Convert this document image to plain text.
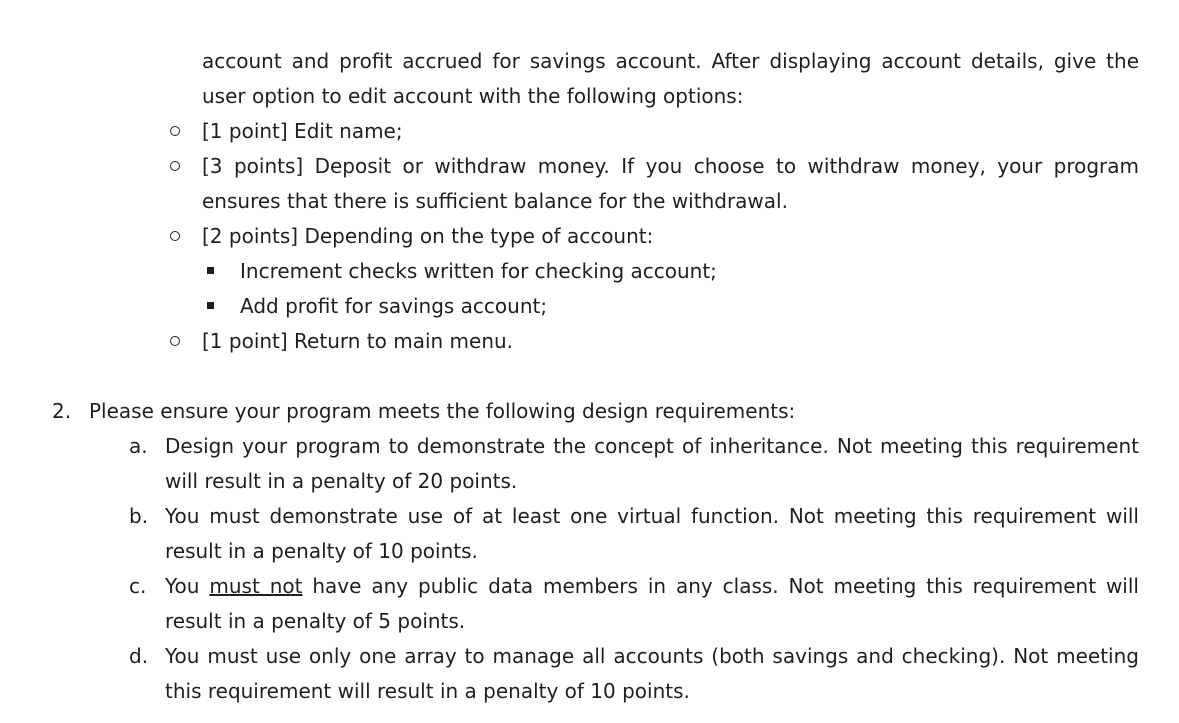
account and profit accrued for savings account. After displaying account details, give the
user option to edit account with the following options:
[1 point] Edit name;
[3 points] Deposit or withdraw money. If you choose to withdraw money, your program
ensures that there is sufficient balance for the withdrawal.
[2 points] Depending on the type of account:
Increment checks written for checking account;
Add profit for savings account;
[1 point] Return to main menu.
2. Please ensure your program meets the following design requirements:
a. Design your program to demonstrate the concept of inheritance. Not meeting this requirement
will result in a penalty of 20 points.
b. You must demonstrate use of at least one virtual function. Not meeting this requirement will
result in a penalty of 10 points.
c. You must not have any public data members in any class. Not meeting this requirement will
result in a penalty of 5 points.
d. You must use only one array to manage all accounts (both savings and checking). Not meeting
this requirement will result in a penalty of 10 points.
